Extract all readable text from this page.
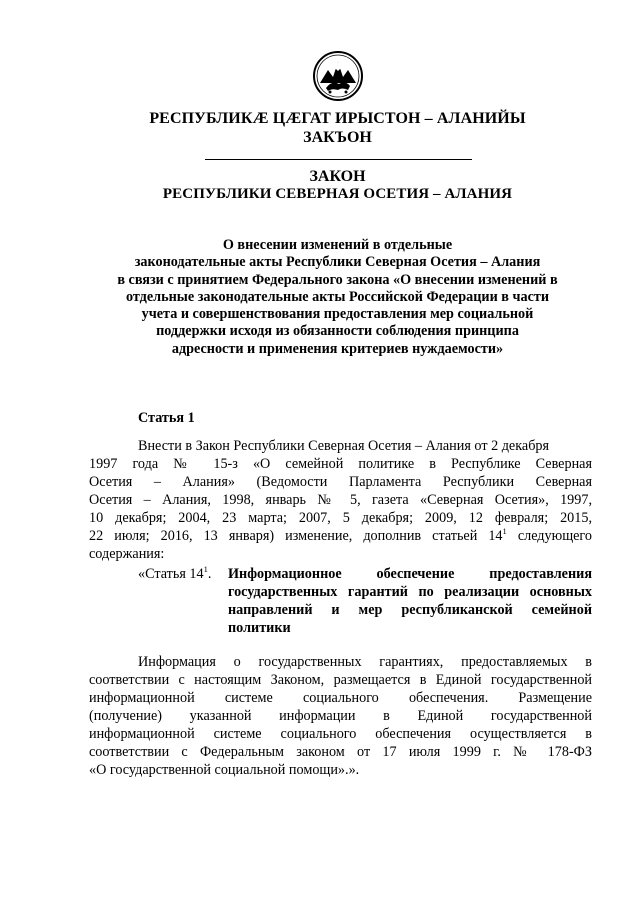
РЕСПУБЛИКӔ ЦӔГАТ ИРЫСТОН – АЛАНИЙЫ
ЗАКЪОН
ЗАКОН
РЕСПУБЛИКИ СЕВЕРНАЯ ОСЕТИЯ – АЛАНИЯ
О внесении изменений в отдельные
законодательные акты Республики Северная Осетия – Алания
в связи с принятием Федерального закона «О внесении изменений в
отдельные законодательные акты Российской Федерации в части
учета и совершенствования предоставления мер социальной
поддержки исходя из обязанности соблюдения принципа
адресности и применения критериев нуждаемости»
Статья 1
Внести в Закон Республики Северная Осетия – Алания от 2 декабря
1997 года № 15-з «О семейной политике в Республике Северная
Осетия – Алания» (Ведомости Парламента Республики Северная
Осетия – Алания, 1998, январь № 5, газета «Северная Осетия», 1997,
10 декабря; 2004, 23 марта; 2007, 5 декабря; 2009, 12 февраля; 2015,
22 июля; 2016, 13 января) изменение, дополнив статьей $14^1$ следующего
содержания:
«Статья $14^1$. Информационное обеспечение предоставления
государственных гарантий по реализации основных
направлений и мер республиканской семейной
политики
Информация о государственных гарантиях, предоставляемых в
соответствии с настоящим Законом, размещается в Единой государственной
информационной системе социального обеспечения. Размещение
(получение) указанной информации в Единой государственной
информационной системе социального обеспечения осуществляется в
соответствии с Федеральным законом от 17 июля 1999 г. № 178-ФЗ
«О государственной социальной помощи».».
